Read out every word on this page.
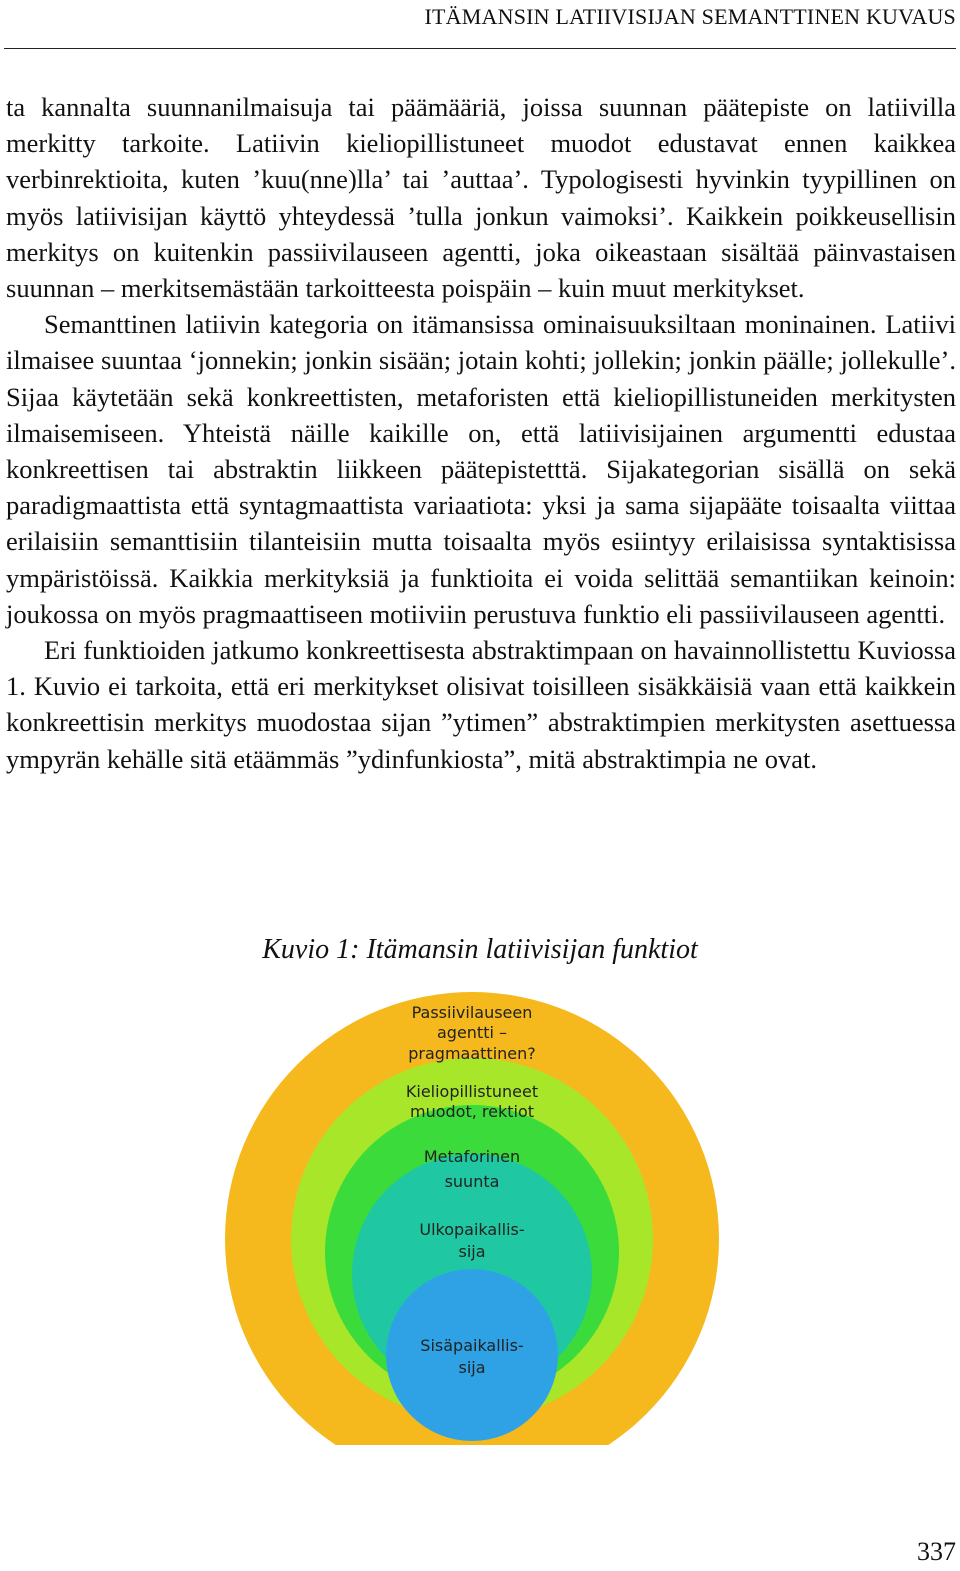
ITÄMANSIN LATIIVISIJAN SEMANTTINEN KUVAUS

ta kannalta suunnanilmaisuja tai päämääriä, joissa suunnan päätepiste on latiivilla merkitty tarkoite. Latiivin kieliopillistuneet muodot edustavat ennen kaikkea verbinrektioita, kuten ’kuu(nne)lla’ tai ’auttaa’. Typologisesti hyvinkin tyypillinen on myös latiivisijan käyttö yhteydessä ’tulla jonkun vaimoksi’. Kaikkein poikkeusellisin merkitys on kuitenkin passiivilauseen agentti, joka oikeastaan sisältää päinvastaisen suunnan – merkitsemästään tarkoitteesta poispäin – kuin muut merkitykset.

Semanttinen latiivin kategoria on itämansissa ominaisuuksiltaan moninainen. Latiivi ilmaisee suuntaa ‘jonnekin; jonkin sisään; jotain kohti; jollekin; jonkin päälle; jollekulle’. Sijaa käytetään sekä konkreettisten, metaforisten että kieliopillistuneiden merkitysten ilmaisemiseen. Yhteistä näille kaikille on, että latiivisijainen argumentti edustaa konkreettisen tai abstraktin liikkeen päätepistetttä. Sijakategorian sisällä on sekä paradigmaattista että syntagmaattista variaatiota: yksi ja sama sijapääte toisaalta viittaa erilaisiin semanttisiin tilanteisiin mutta toisaalta myös esiintyy erilaisissa syntaktisissa ympäristöissä. Kaikkia merkityksiä ja funktioita ei voida selittää semantiikan keinoin: joukossa on myös pragmaattiseen motiiviin perustuva funktio eli passiivilauseen agentti.

Eri funktioiden jatkumo konkreettisesta abstraktimpaan on havainnollistettu Kuviossa 1. Kuvio ei tarkoita, että eri merkitykset olisivat toisilleen sisäkkäisiä vaan että kaikkein konkreettisin merkitys muodostaa sijan ”ytimen” abstraktimpien merkitysten asettuessa ympyrän kehälle sitä etäämmäs ”ydinfunkiosta”, mitä abstraktimpia ne ovat.

Kuvio 1: Itämansin latiivisijan funktiot
Passiivilauseen agentti – pragmaattinen?
Kieliopillistuneet muodot, rektiot
Metaforinen suunta
Ulkopaikallis-sija
Sisäpaikallis-sija
337
